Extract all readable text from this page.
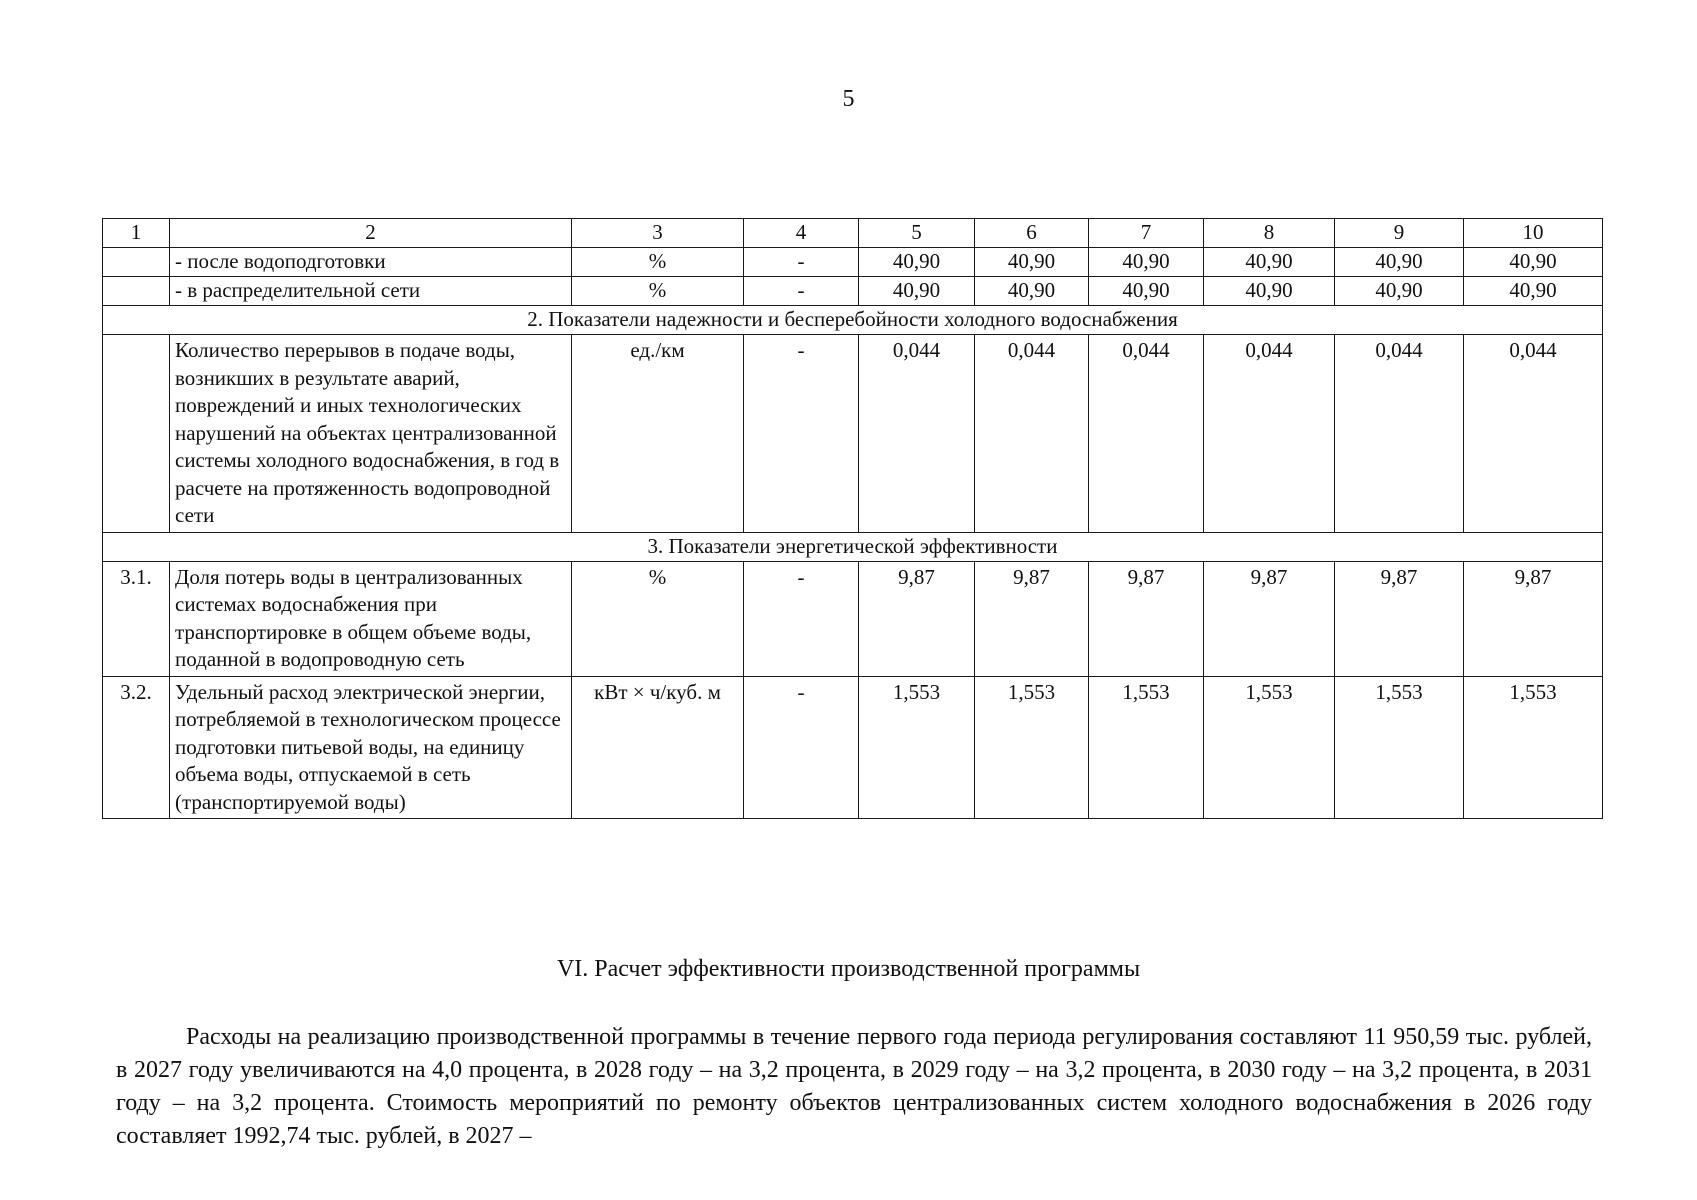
5
1	2	3	4	5	6	7	8	9	10
	- после водоподготовки	%	-	40,90	40,90	40,90	40,90	40,90	40,90
	- в распределительной сети	%	-	40,90	40,90	40,90	40,90	40,90	40,90
2. Показатели надежности и бесперебойности холодного водоснабжения									
	Количество перерывов в подаче воды, возникших в результате аварий, повреждений и иных технологических нарушений на объектах централизованной системы холодного водоснабжения, в год в расчете на протяженность водопроводной сети	ед./км	-	0,044	0,044	0,044	0,044	0,044	0,044
3. Показатели энергетической эффективности									
3.1.	Доля потерь воды в централизованных системах водоснабжения при транспортировке в общем объеме воды, поданной в водопроводную сеть	%	-	9,87	9,87	9,87	9,87	9,87	9,87
3.2.	Удельный расход электрической энергии, потребляемой в технологическом процессе подготовки питьевой воды, на единицу объема воды, отпускаемой в сеть (транспортируемой воды)	кВт × ч/куб. м	-	1,553	1,553	1,553	1,553	1,553	1,553
VI. Расчет эффективности производственной программы
Расходы на реализацию производственной программы в течение первого года периода регулирования составляют 11 950,59 тыс. рублей, в 2027 году увеличиваются на 4,0 процента, в 2028 году – на 3,2 процента, в 2029 году – на 3,2 процента, в 2030 году – на 3,2 процента, в 2031 году – на 3,2 процента. Стоимость мероприятий по ремонту объектов централизованных систем холодного водоснабжения в 2026 году составляет 1992,74 тыс. рублей, в 2027 –
